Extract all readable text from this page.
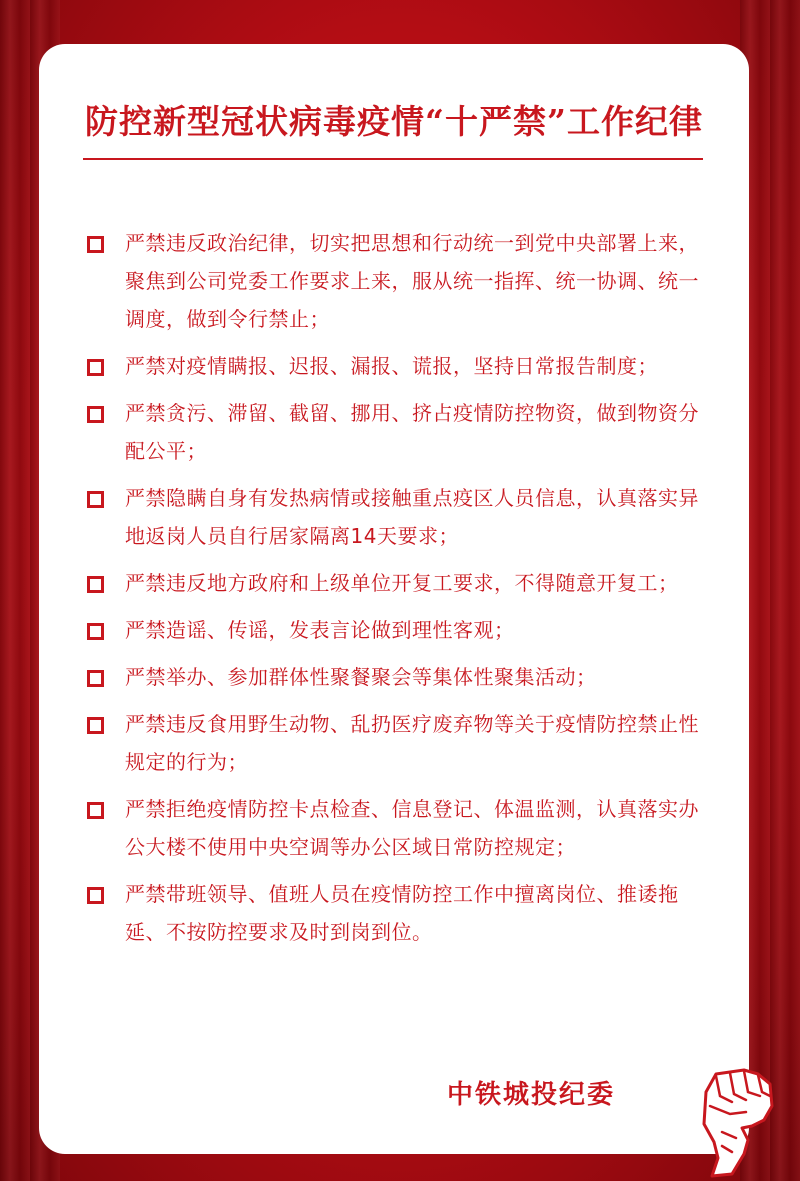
防控新型冠状病毒疫情“十严禁”工作纪律
严禁违反政治纪律，切实把思想和行动统一到党中央部署上来，聚焦到公司党委工作要求上来，服从统一指挥、统一协调、统一调度，做到令行禁止；
严禁对疫情瞒报、迟报、漏报、谎报，坚持日常报告制度；
严禁贪污、滞留、截留、挪用、挤占疫情防控物资，做到物资分配公平；
严禁隐瞒自身有发热病情或接触重点疫区人员信息，认真落实异地返岗人员自行居家隔离14天要求；
严禁违反地方政府和上级单位开复工要求，不得随意开复工；
严禁造谣、传谣，发表言论做到理性客观；
严禁举办、参加群体性聚餐聚会等集体性聚集活动；
严禁违反食用野生动物、乱扔医疗废弃物等关于疫情防控禁止性规定的行为；
严禁拒绝疫情防控卡点检查、信息登记、体温监测，认真落实办公大楼不使用中央空调等办公区域日常防控规定；
严禁带班领导、值班人员在疫情防控工作中擅离岗位、推诿拖延、不按防控要求及时到岗到位。
中铁城投纪委
